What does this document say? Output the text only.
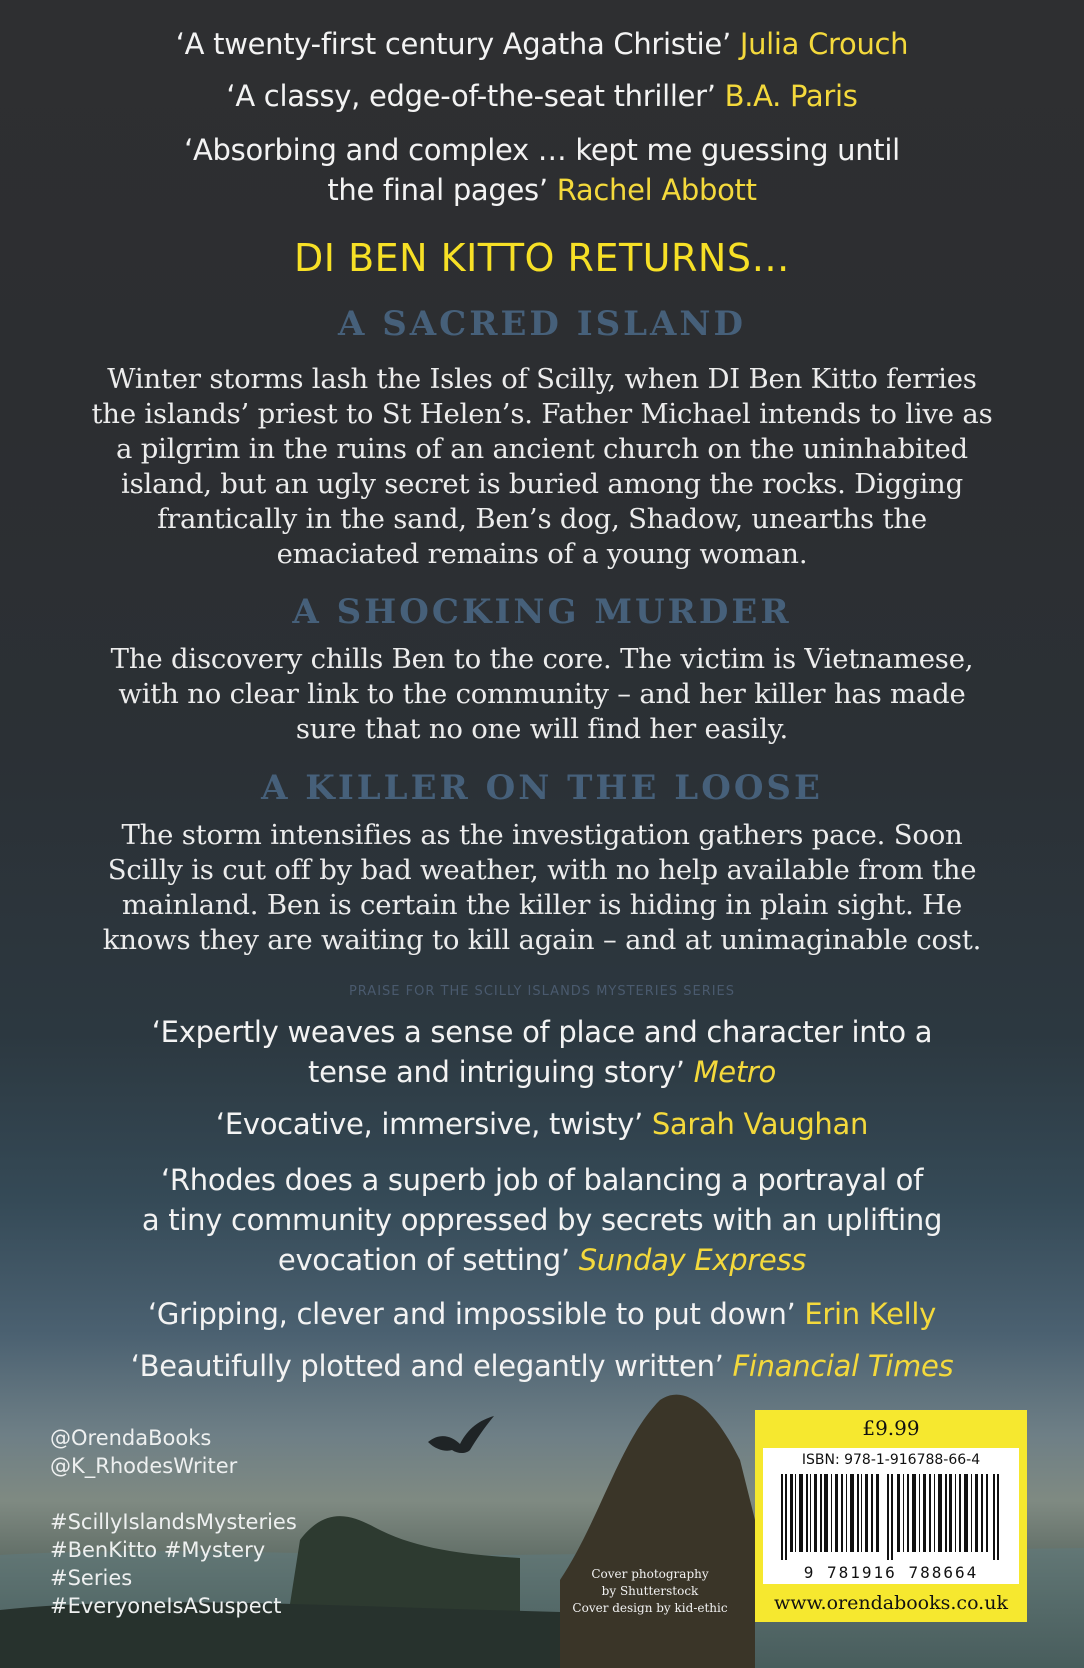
‘A twenty-first century Agatha Christie’ Julia Crouch
‘A classy, edge-of-the-seat thriller’ B.A. Paris
‘Absorbing and complex … kept me guessing until
the final pages’ Rachel Abbott
DI BEN KITTO RETURNS…
A SACRED ISLAND
Winter storms lash the Isles of Scilly, when DI Ben Kitto ferries
the islands’ priest to St Helen’s. Father Michael intends to live as
a pilgrim in the ruins of an ancient church on the uninhabited
island, but an ugly secret is buried among the rocks. Digging
frantically in the sand, Ben’s dog, Shadow, unearths the
emaciated remains of a young woman.
A SHOCKING MURDER
The discovery chills Ben to the core. The victim is Vietnamese,
with no clear link to the community – and her killer has made
sure that no one will find her easily.
A KILLER ON THE LOOSE
The storm intensifies as the investigation gathers pace. Soon
Scilly is cut off by bad weather, with no help available from the
mainland. Ben is certain the killer is hiding in plain sight. He
knows they are waiting to kill again – and at unimaginable cost.
PRAISE FOR THE SCILLY ISLANDS MYSTERIES SERIES
‘Expertly weaves a sense of place and character into a
tense and intriguing story’ Metro
‘Evocative, immersive, twisty’ Sarah Vaughan
‘Rhodes does a superb job of balancing a portrayal of
a tiny community oppressed by secrets with an uplifting
evocation of setting’ Sunday Express
‘Gripping, clever and impossible to put down’ Erin Kelly
‘Beautifully plotted and elegantly written’ Financial Times
@OrendaBooks
@K_RhodesWriter
#ScillyIslandsMysteries
#BenKitto #Mystery
#Series
#EveryoneIsASuspect
Cover photography
by Shutterstock
Cover design by kid-ethic
£9.99
ISBN: 978-1-916788-66-4
9 781916 788664
www.orendabooks.co.uk
